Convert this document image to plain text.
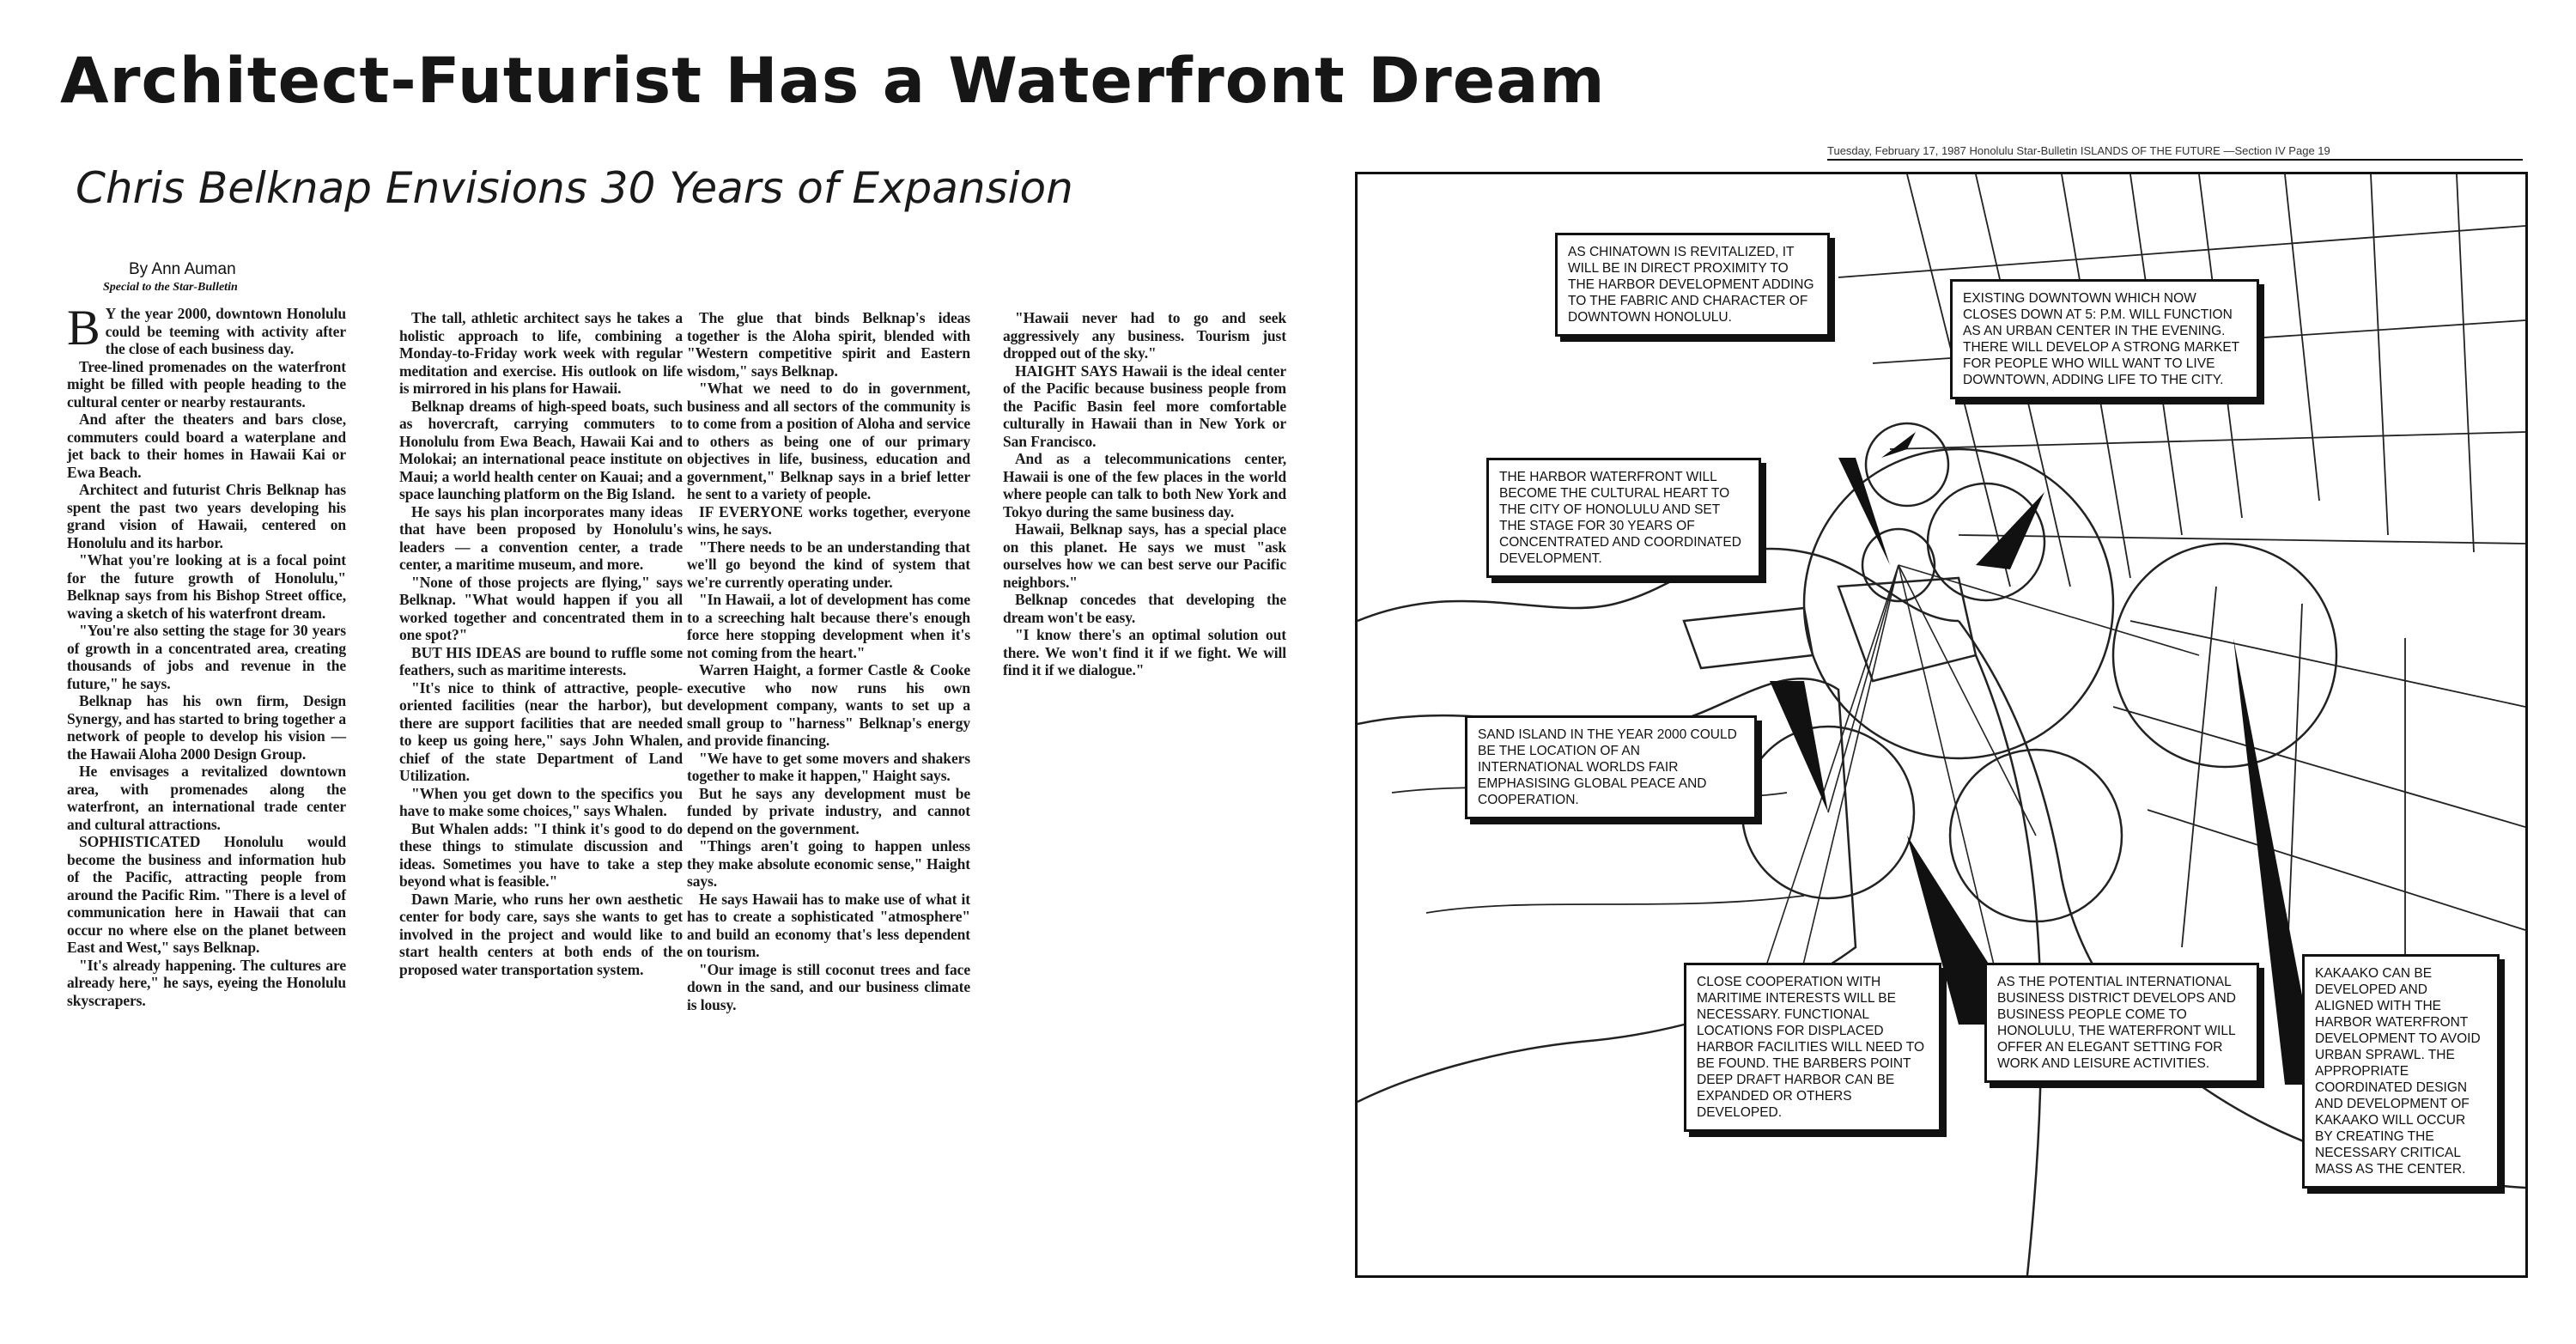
Architect-Futurist Has a Waterfront Dream
Chris Belknap Envisions 30 Years of Expansion
By Ann Auman
Special to the Star-Bulletin
B Y the year 2000, downtown Honolulu could be teeming with activity after the close of each business day.

Tree-lined promenades on the waterfront might be filled with people heading to the cultural center or nearby restaurants.

And after the theaters and bars close, commuters could board a waterplane and jet back to their homes in Hawaii Kai or Ewa Beach.

Architect and futurist Chris Belknap has spent the past two years developing his grand vision of Hawaii, centered on Honolulu and its harbor.

"What you're looking at is a focal point for the future growth of Honolulu," Belknap says from his Bishop Street office, waving a sketch of his waterfront dream.

"You're also setting the stage for 30 years of growth in a concentrated area, creating thousands of jobs and revenue in the future," he says.

Belknap has his own firm, Design Synergy, and has started to bring together a network of people to develop his vision — the Hawaii Aloha 2000 Design Group.

He envisages a revitalized downtown area, with promenades along the waterfront, an international trade center and cultural attractions.

SOPHISTICATED Honolulu would become the business and information hub of the Pacific, attracting people from around the Pacific Rim. "There is a level of communication here in Hawaii that can occur no where else on the planet between East and West," says Belknap.

"It's already happening. The cultures are already here," he says, eyeing the Honolulu skyscrapers.

The tall, athletic architect says he takes a holistic approach to life, combining a Monday-to-Friday work week with regular meditation and exercise. His outlook on life is mirrored in his plans for Hawaii.

Belknap dreams of high-speed boats, such as hovercraft, carrying commuters to Honolulu from Ewa Beach, Hawaii Kai and Molokai; an international peace institute on Maui; a world health center on Kauai; and a space launching platform on the Big Island.

He says his plan incorporates many ideas that have been proposed by Honolulu's leaders — a convention center, a trade center, a maritime museum, and more.

"None of those projects are flying," says Belknap. "What would happen if you all worked together and concentrated them in one spot?"

BUT HIS IDEAS are bound to ruffle some feathers, such as maritime interests.

"It's nice to think of attractive, people-oriented facilities (near the harbor), but there are support facilities that are needed to keep us going here," says John Whalen, chief of the state Department of Land Utilization.

"When you get down to the specifics you have to make some choices," says Whalen.

But Whalen adds: "I think it's good to do these things to stimulate discussion and ideas. Sometimes you have to take a step beyond what is feasible."

Dawn Marie, who runs her own aesthetic center for body care, says she wants to get involved in the project and would like to start health centers at both ends of the proposed water transportation system.

The glue that binds Belknap's ideas together is the Aloha spirit, blended with "Western competitive spirit and Eastern wisdom," says Belknap.

"What we need to do in government, business and all sectors of the community is to come from a position of Aloha and service to others as being one of our primary objectives in life, business, education and government," Belknap says in a brief letter he sent to a variety of people.

IF EVERYONE works together, everyone wins, he says.

"There needs to be an understanding that we'll go beyond the kind of system that we're currently operating under.

"In Hawaii, a lot of development has come to a screeching halt because there's enough force here stopping development when it's not coming from the heart."

Warren Haight, a former Castle & Cooke executive who now runs his own development company, wants to set up a small group to "harness" Belknap's energy and provide financing.

"We have to get some movers and shakers together to make it happen," Haight says.

But he says any development must be funded by private industry, and cannot depend on the government.

"Things aren't going to happen unless they make absolute economic sense," Haight says.

He says Hawaii has to make use of what it has to create a sophisticated "atmosphere" and build an economy that's less dependent on tourism.

"Our image is still coconut trees and face down in the sand, and our business climate is lousy.

"Hawaii never had to go and seek aggressively any business. Tourism just dropped out of the sky."

HAIGHT SAYS Hawaii is the ideal center of the Pacific because business people from the Pacific Basin feel more comfortable culturally in Hawaii than in New York or San Francisco.

And as a telecommunications center, Hawaii is one of the few places in the world where people can talk to both New York and Tokyo during the same business day.

Hawaii, Belknap says, has a special place on this planet. He says we must "ask ourselves how we can best serve our Pacific neighbors."

Belknap concedes that developing the dream won't be easy.

"I know there's an optimal solution out there. We won't find it if we fight. We will find it if we dialogue."

Tuesday, February 17, 1987 Honolulu Star-Bulletin ISLANDS OF THE FUTURE —Section IV Page 19
AS CHINATOWN IS REVITALIZED, IT WILL BE IN DIRECT PROXIMITY TO THE HARBOR DEVELOPMENT ADDING TO THE FABRIC AND CHARACTER OF DOWNTOWN HONOLULU.
EXISTING DOWNTOWN WHICH NOW CLOSES DOWN AT 5: P.M. WILL FUNCTION AS AN URBAN CENTER IN THE EVENING. THERE WILL DEVELOP A STRONG MARKET FOR PEOPLE WHO WILL WANT TO LIVE DOWNTOWN, ADDING LIFE TO THE CITY.
THE HARBOR WATERFRONT WILL BECOME THE CULTURAL HEART TO THE CITY OF HONOLULU AND SET THE STAGE FOR 30 YEARS OF CONCENTRATED AND COORDINATED DEVELOPMENT.
SAND ISLAND IN THE YEAR 2000 COULD BE THE LOCATION OF AN INTERNATIONAL WORLDS FAIR EMPHASISING GLOBAL PEACE AND COOPERATION.
CLOSE COOPERATION WITH MARITIME INTERESTS WILL BE NECESSARY. FUNCTIONAL LOCATIONS FOR DISPLACED HARBOR FACILITIES WILL NEED TO BE FOUND. THE BARBERS POINT DEEP DRAFT HARBOR CAN BE EXPANDED OR OTHERS DEVELOPED.
AS THE POTENTIAL INTERNATIONAL BUSINESS DISTRICT DEVELOPS AND BUSINESS PEOPLE COME TO HONOLULU, THE WATERFRONT WILL OFFER AN ELEGANT SETTING FOR WORK AND LEISURE ACTIVITIES.
KAKAAKO CAN BE DEVELOPED AND ALIGNED WITH THE HARBOR WATERFRONT DEVELOPMENT TO AVOID URBAN SPRAWL. THE APPROPRIATE COORDINATED DESIGN AND DEVELOPMENT OF KAKAAKO WILL OCCUR BY CREATING THE NECESSARY CRITICAL MASS AS THE CENTER.
